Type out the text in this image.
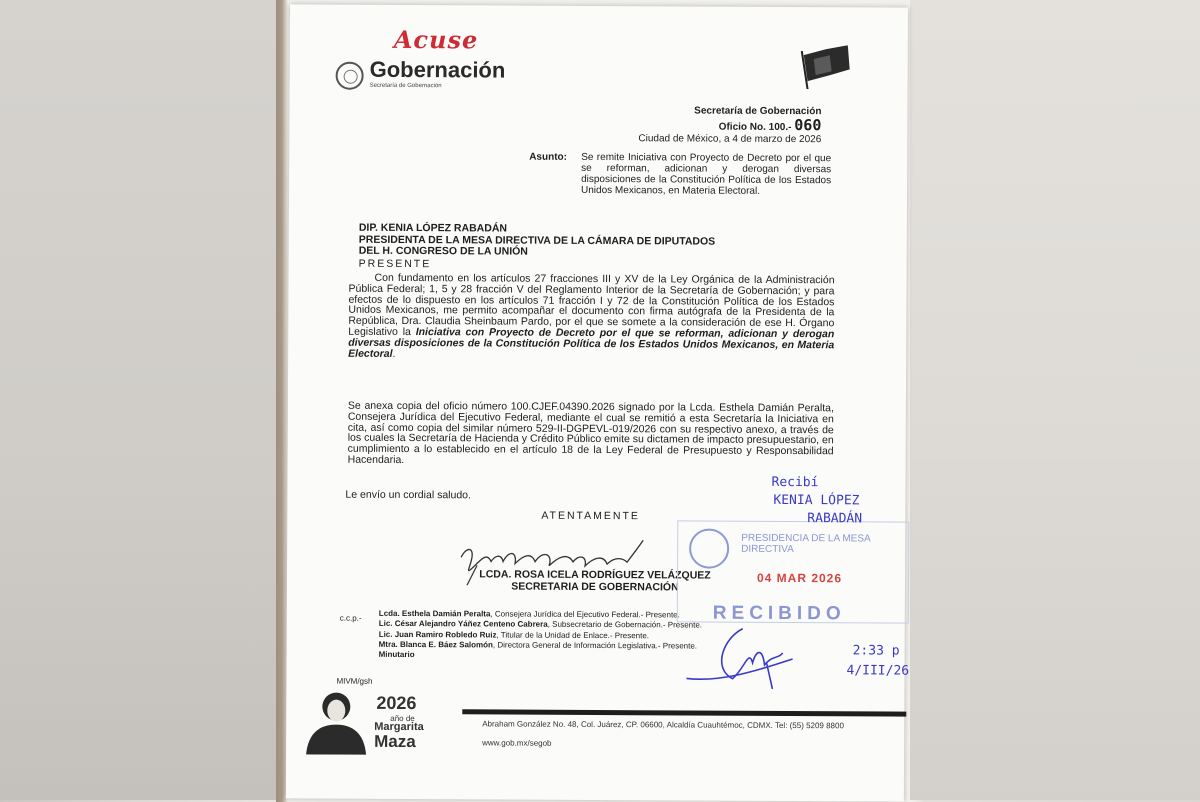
Acuse
Gobernación
Secretaría de Gobernación
Secretaría de Gobernación
Oficio No. 100.- 060
Ciudad de México, a 4 de marzo de 2026
Asunto: Se remite Iniciativa con Proyecto de Decreto por el que se reforman, adicionan y derogan diversas disposiciones de la Constitución Política de los Estados Unidos Mexicanos, en Materia Electoral.
DIP. KENIA LÓPEZ RABADÁN
PRESIDENTA DE LA MESA DIRECTIVA DE LA CÁMARA DE DIPUTADOS
DEL H. CONGRESO DE LA UNIÓN
PRESENTE
Con fundamento en los artículos 27 fracciones III y XV de la Ley Orgánica de la Administración Pública Federal; 1, 5 y 28 fracción V del Reglamento Interior de la Secretaría de Gobernación; y para efectos de lo dispuesto en los artículos 71 fracción I y 72 de la Constitución Política de los Estados Unidos Mexicanos, me permito acompañar el documento con firma autógrafa de la Presidenta de la República, Dra. Claudia Sheinbaum Pardo, por el que se somete a la consideración de ese H. Órgano Legislativo la Iniciativa con Proyecto de Decreto por el que se reforman, adicionan y derogan diversas disposiciones de la Constitución Política de los Estados Unidos Mexicanos, en Materia Electoral.
Se anexa copia del oficio número 100.CJEF.04390.2026 signado por la Lcda. Esthela Damián Peralta, Consejera Jurídica del Ejecutivo Federal, mediante el cual se remitió a esta Secretaría la Iniciativa en cita, así como copia del similar número 529-II-DGPEVL-019/2026 con su respectivo anexo, a través de los cuales la Secretaría de Hacienda y Crédito Público emite su dictamen de impacto presupuestario, en cumplimiento a lo establecido en el artículo 18 de la Ley Federal de Presupuesto y Responsabilidad Hacendaria.
Le envío un cordial saludo.
ATENTAMENTE
LCDA. ROSA ICELA RODRÍGUEZ VELÁZQUEZ
SECRETARIA DE GOBERNACIÓN
c.c.p.- Lcda. Esthela Damián Peralta, Consejera Jurídica del Ejecutivo Federal.- Presente.
Lic. César Alejandro Yáñez Centeno Cabrera, Subsecretario de Gobernación.- Presente.
Lic. Juan Ramiro Robledo Ruiz, Titular de la Unidad de Enlace.- Presente.
Mtra. Blanca E. Báez Salomón, Directora General de Información Legislativa.- Presente.
Minutario
MIVM/gsh
2026
año de
Margarita
Maza
Abraham González No. 48, Col. Juárez, CP. 06600, Alcaldía Cuauhtémoc, CDMX. Tel: (55) 5209 8800
www.gob.mx/segob
PRESIDENCIA DE LA MESA DIRECTIVA
04 MAR 2026
RECIBIDO
Recibí
KENIA LÓPEZ
RABADÁN
2:33 p
4/III/26
